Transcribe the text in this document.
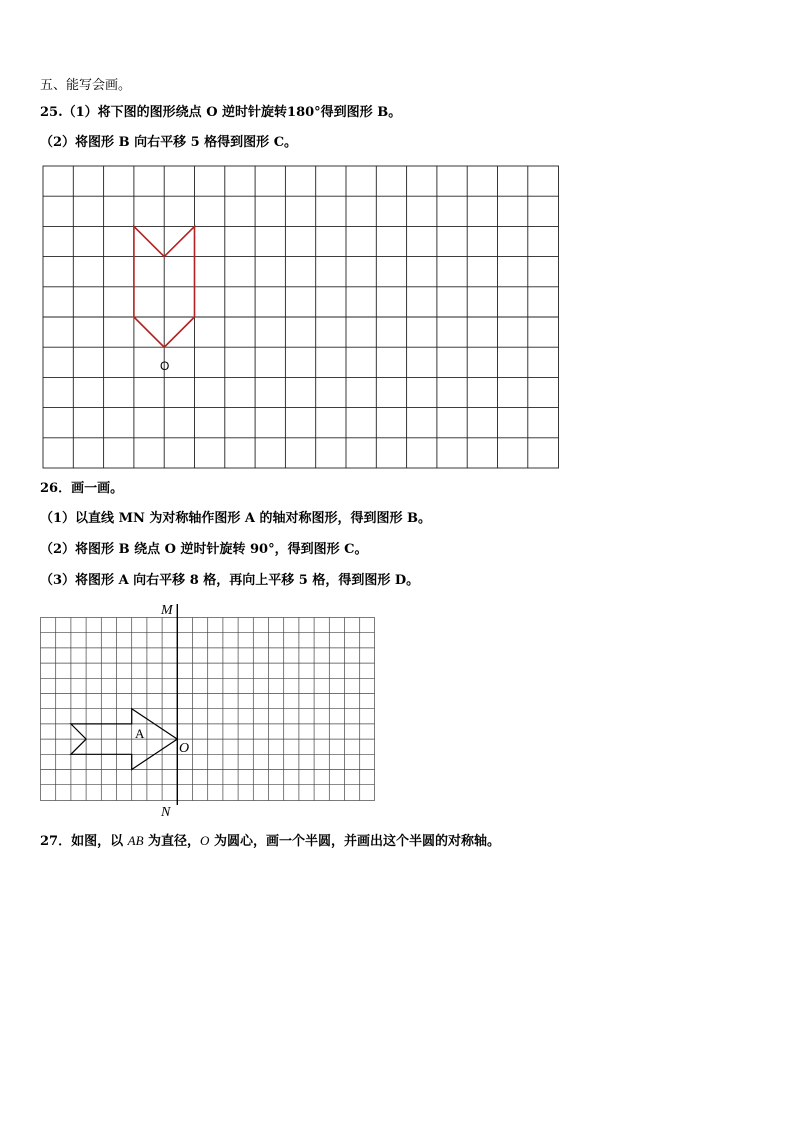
五、能写会画。
25.（1）将下图的图形绕点 O 逆时针旋转180°得到图形 B。
（2）将图形 B 向右平移 5 格得到图形 C。
O
26．画一画。
（1）以直线 MN 为对称轴作图形 A 的轴对称图形，得到图形 B。
（2）将图形 B 绕点 O 逆时针旋转 90°，得到图形 C。
（3）将图形 A 向右平移 8 格，再向上平移 5 格，得到图形 D。
M
N
A
O
27．如图，以 AB 为直径，O 为圆心，画一个半圆，并画出这个半圆的对称轴。
